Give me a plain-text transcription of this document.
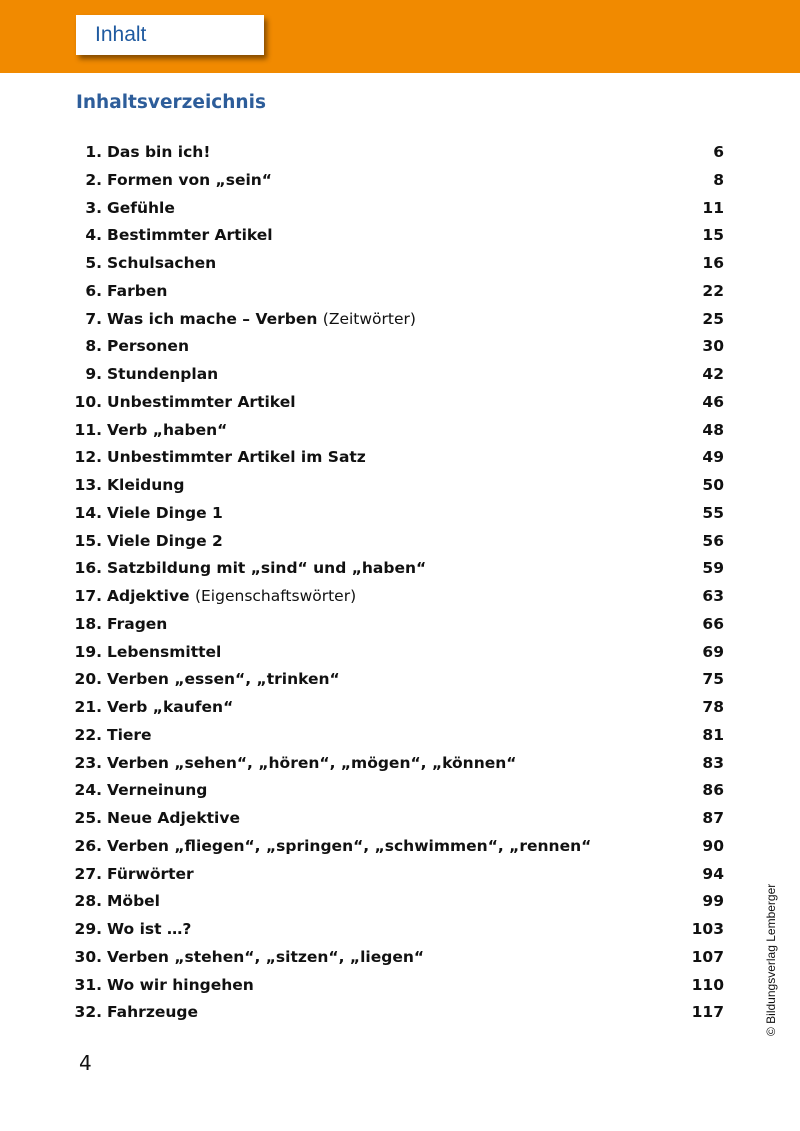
Inhalt
Inhaltsverzeichnis
1. Das bin ich!	6
2. Formen von „sein“	8
3. Gefühle	11
4. Bestimmter Artikel	15
5. Schulsachen	16
6. Farben	22
7. Was ich mache – Verben (Zeitwörter)	25
8. Personen	30
9. Stundenplan	42
10. Unbestimmter Artikel	46
11. Verb „haben“	48
12. Unbestimmter Artikel im Satz	49
13. Kleidung	50
14. Viele Dinge 1	55
15. Viele Dinge 2	56
16. Satzbildung mit „sind“ und „haben“	59
17. Adjektive (Eigenschaftswörter)	63
18. Fragen	66
19. Lebensmittel	69
20. Verben „essen“, „trinken“	75
21. Verb „kaufen“	78
22. Tiere	81
23. Verben „sehen“, „hören“, „mögen“, „können“	83
24. Verneinung	86
25. Neue Adjektive	87
26. Verben „fliegen“, „springen“, „schwimmen“, „rennen“	90
27. Fürwörter	94
28. Möbel	99
29. Wo ist …?	103
30. Verben „stehen“, „sitzen“, „liegen“	107
31. Wo wir hingehen	110
32. Fahrzeuge	117
4
© Bildungsverlag Lemberger
